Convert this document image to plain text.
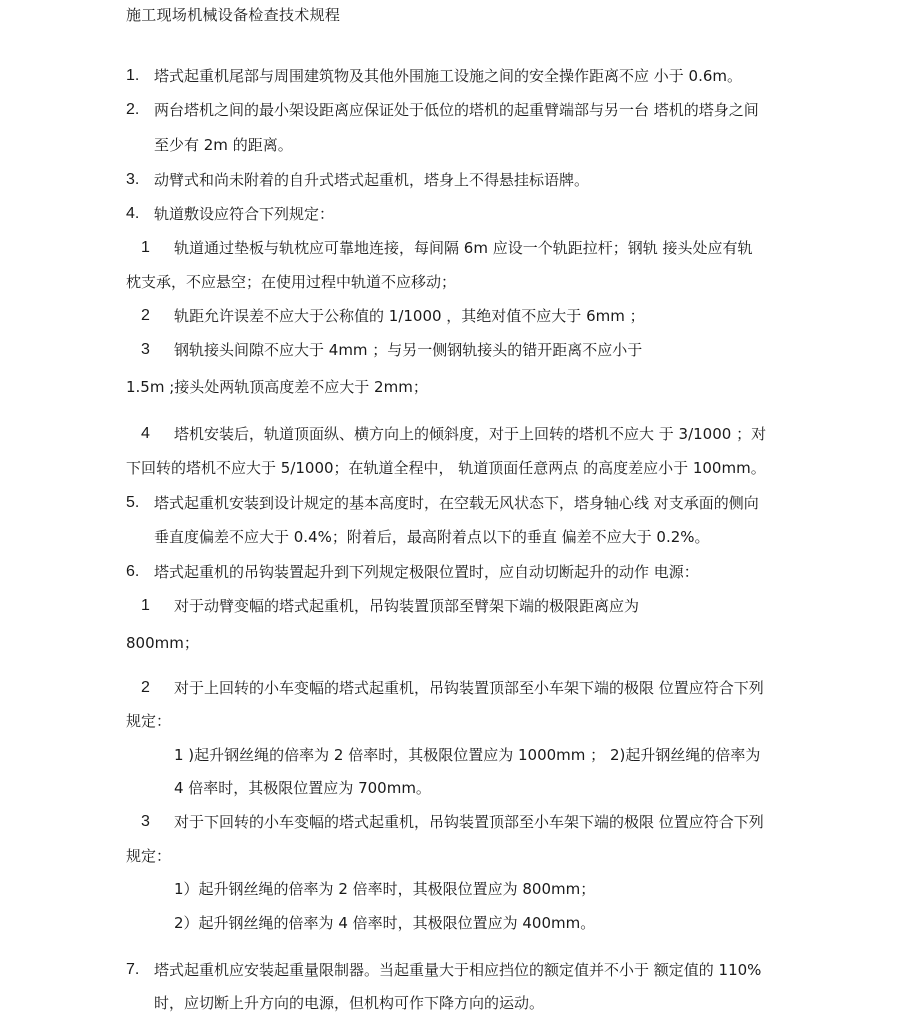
施工现场机械设备检查技术规程
1. 塔式起重机尾部与周围建筑物及其他外围施工设施之间的安全操作距离不应 小于 0.6m。
2. 两台塔机之间的最小架设距离应保证处于低位的塔机的起重臂端部与另一台 塔机的塔身之间
至少有 2m 的距离。
3. 动臂式和尚未附着的自升式塔式起重机，塔身上不得悬挂标语牌。
4. 轨道敷设应符合下列规定：
1 轨道通过垫板与轨枕应可靠地连接，每间隔 6m 应设一个轨距拉杆；钢轨 接头处应有轨
枕支承，不应悬空；在使用过程中轨道不应移动；
2 轨距允许误差不应大于公称值的 1/1000 ，其绝对值不应大于 6mm ；
3 钢轨接头间隙不应大于 4mm ；与另一侧钢轨接头的错开距离不应小于
1.5m ;接头处两轨顶高度差不应大于 2mm；
4 塔机安装后，轨道顶面纵、横方向上的倾斜度，对于上回转的塔机不应大 于 3/1000 ；对
下回转的塔机不应大于 5/1000；在轨道全程中， 轨道顶面任意两点 的高度差应小于 100mm。
5. 塔式起重机安装到设计规定的基本高度时，在空载无风状态下，塔身轴心线 对支承面的侧向
垂直度偏差不应大于 0.4%；附着后，最高附着点以下的垂直 偏差不应大于 0.2%。
6. 塔式起重机的吊钩装置起升到下列规定极限位置时，应自动切断起升的动作 电源：
1 对于动臂变幅的塔式起重机，吊钩装置顶部至臂架下端的极限距离应为
800mm；
2 对于上回转的小车变幅的塔式起重机，吊钩装置顶部至小车架下端的极限 位置应符合下列
规定：
1 )起升钢丝绳的倍率为 2 倍率时，其极限位置应为 1000mm ； 2)起升钢丝绳的倍率为
4 倍率时，其极限位置应为 700mm。
3 对于下回转的小车变幅的塔式起重机，吊钩装置顶部至小车架下端的极限 位置应符合下列
规定：
1）起升钢丝绳的倍率为 2 倍率时，其极限位置应为 800mm；
2）起升钢丝绳的倍率为 4 倍率时，其极限位置应为 400mm。
7. 塔式起重机应安装起重量限制器。当起重量大于相应挡位的额定值并不小于 额定值的 110%
时，应切断上升方向的电源，但机构可作下降方向的运动。
